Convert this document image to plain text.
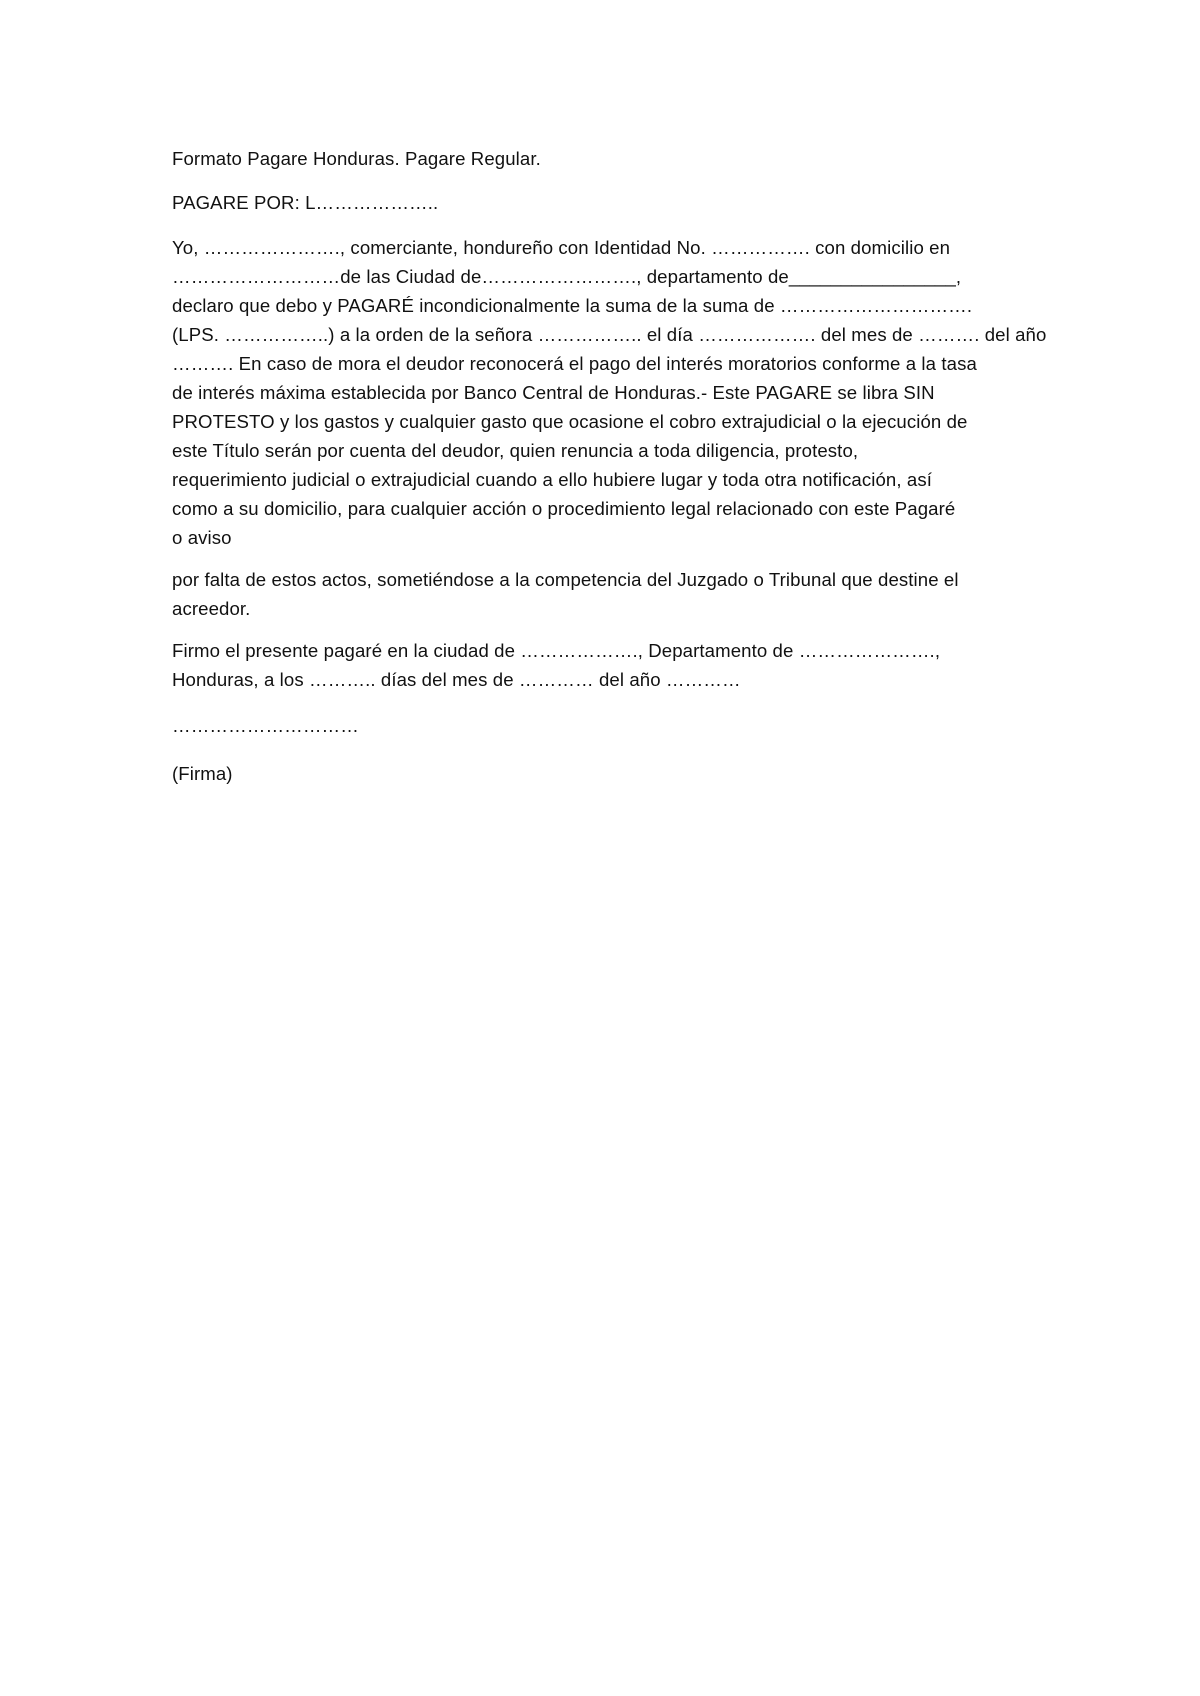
Formato Pagare Honduras. Pagare Regular.
PAGARE POR: L………………..
Yo, …………………., comerciante, hondureño con Identidad No. ……………. con domicilio en
………………………de las Ciudad de……………………., departamento de________________,
declaro que debo y PAGARÉ incondicionalmente la suma de la suma de ………………………….
(LPS. ……………..) a la orden de la señora …………….. el día ………………. del mes de ………. del año
………. En caso de mora el deudor reconocerá el pago del interés moratorios conforme a la tasa
de interés máxima establecida por Banco Central de Honduras.- Este PAGARE se libra SIN
PROTESTO y los gastos y cualquier gasto que ocasione el cobro extrajudicial o la ejecución de
este Título serán por cuenta del deudor, quien renuncia a toda diligencia, protesto,
requerimiento judicial o extrajudicial cuando a ello hubiere lugar y toda otra notificación, así
como a su domicilio, para cualquier acción o procedimiento legal relacionado con este Pagaré
o aviso
por falta de estos actos, sometiéndose a la competencia del Juzgado o Tribunal que destine el
acreedor.
Firmo el presente pagaré en la ciudad de ………………., Departamento de ………………….,
Honduras, a los ……….. días del mes de ………… del año …………
…………………………
(Firma)
